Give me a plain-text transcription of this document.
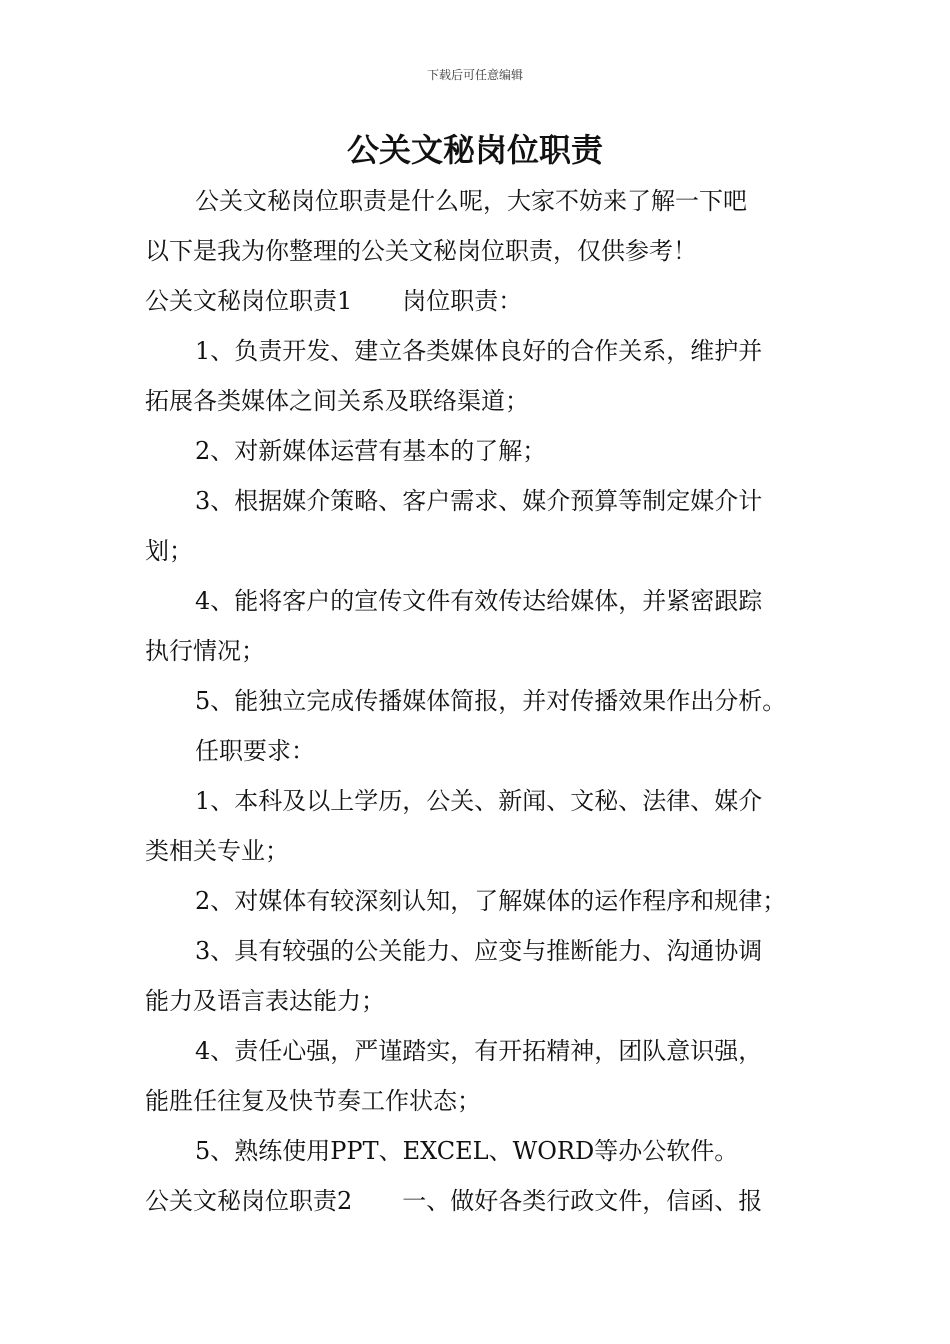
下载后可任意编辑
公关文秘岗位职责

公关文秘岗位职责是什么呢，大家不妨来了解一下吧

以下是我为你整理的公关文秘岗位职责，仅供参考！

公关文秘岗位职责1 岗位职责：

1、负责开发、建立各类媒体良好的合作关系，维护并

拓展各类媒体之间关系及联络渠道；

2、对新媒体运营有基本的了解；

3、根据媒介策略、客户需求、媒介预算等制定媒介计

划；

4、能将客户的宣传文件有效传达给媒体，并紧密跟踪

执行情况；

5、能独立完成传播媒体简报，并对传播效果作出分析。

任职要求：

1、本科及以上学历，公关、新闻、文秘、法律、媒介

类相关专业；

2、对媒体有较深刻认知，了解媒体的运作程序和规律；

3、具有较强的公关能力、应变与推断能力、沟通协调

能力及语言表达能力；

4、责任心强，严谨踏实，有开拓精神，团队意识强，

能胜任往复及快节奏工作状态；

5、熟练使用PPT、EXCEL、WORD等办公软件。

公关文秘岗位职责2 一、做好各类行政文件，信函、报
